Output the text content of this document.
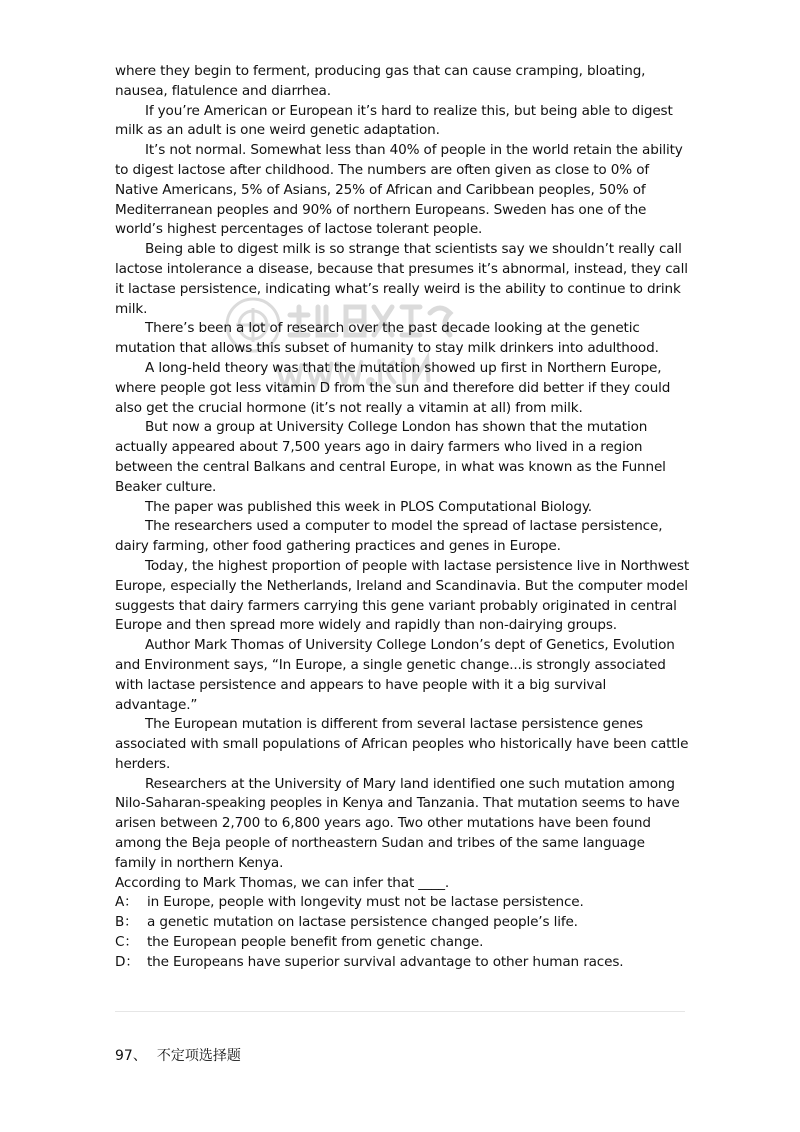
where they begin to ferment, producing gas that can cause cramping, bloating, nausea, flatulence and diarrhea.

If you’re American or European it’s hard to realize this, but being able to digest milk as an adult is one weird genetic adaptation.

It’s not normal. Somewhat less than 40% of people in the world retain the ability to digest lactose after childhood. The numbers are often given as close to 0% of Native Americans, 5% of Asians, 25% of African and Caribbean peoples, 50% of Mediterranean peoples and 90% of northern Europeans. Sweden has one of the world’s highest percentages of lactose tolerant people.

Being able to digest milk is so strange that scientists say we shouldn’t really call lactose intolerance a disease, because that presumes it’s abnormal, instead, they call it lactase persistence, indicating what’s really weird is the ability to continue to drink milk.

There’s been a lot of research over the past decade looking at the genetic mutation that allows this subset of humanity to stay milk drinkers into adulthood.

A long-held theory was that the mutation showed up first in Northern Europe, where people got less vitamin D from the sun and therefore did better if they could also get the crucial hormone (it’s not really a vitamin at all) from milk.

But now a group at University College London has shown that the mutation actually appeared about 7,500 years ago in dairy farmers who lived in a region between the central Balkans and central Europe, in what was known as the Funnel Beaker culture.

The paper was published this week in PLOS Computational Biology.

The researchers used a computer to model the spread of lactase persistence, dairy farming, other food gathering practices and genes in Europe.

Today, the highest proportion of people with lactase persistence live in Northwest Europe, especially the Netherlands, Ireland and Scandinavia. But the computer model suggests that dairy farmers carrying this gene variant probably originated in central Europe and then spread more widely and rapidly than non-dairying groups.

Author Mark Thomas of University College London’s dept of Genetics, Evolution and Environment says, “In Europe, a single genetic change...is strongly associated with lactase persistence and appears to have people with it a big survival advantage.”

The European mutation is different from several lactase persistence genes associated with small populations of African peoples who historically have been cattle herders.

Researchers at the University of Mary land identified one such mutation among Nilo-Saharan-speaking peoples in Kenya and Tanzania. That mutation seems to have arisen between 2,700 to 6,800 years ago. Two other mutations have been found among the Beja people of northeastern Sudan and tribes of the same language family in northern Kenya.

According to Mark Thomas, we can infer that ____.

A： in Europe, people with longevity must not be lactase persistence.
B： a genetic mutation on lactase persistence changed people’s life.
C： the European people benefit from genetic change.
D： the Europeans have superior survival advantage to other human races.
97、 不定项选择题
